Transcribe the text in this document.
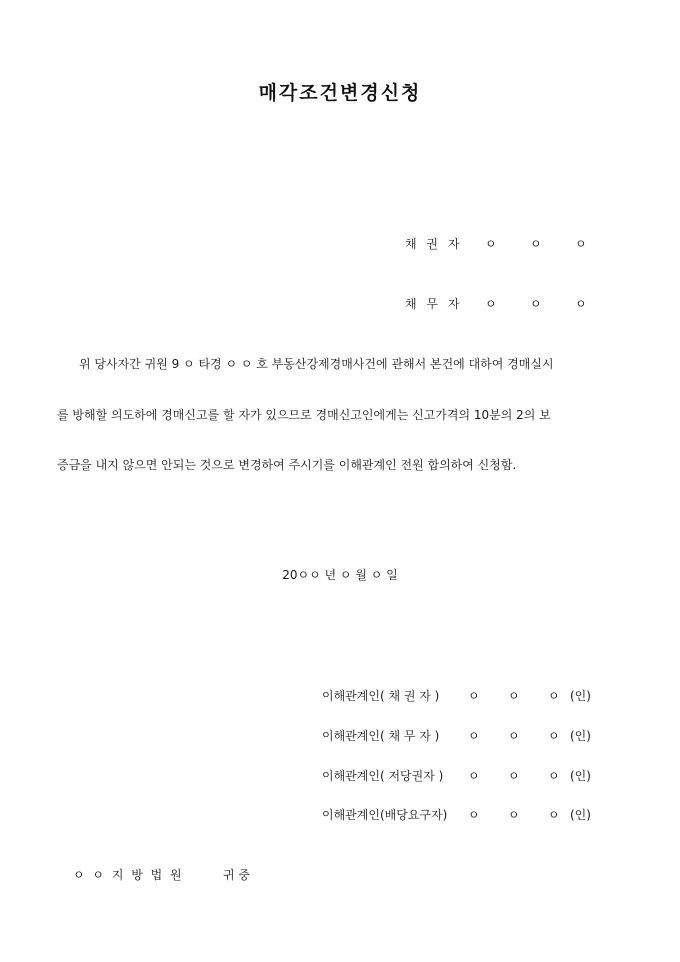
매각조건변경신청
채 권 자 ㅇ	ㅇ	ㅇ
채 무 자 ㅇ	ㅇ	ㅇ
위 당사자간 귀원 9 ㅇ 타경 ㅇ ㅇ 호 부동산강제경매사건에 관해서 본건에 대하여 경매실시
를 방해할 의도하에 경매신고를 할 자가 있으므로 경매신고인에게는 신고가격의 10분의 2의 보
증금을 내지 않으면 안되는 것으로 변경하여 주시기를 이해관계인 전원 합의하여 신청함.
20ㅇㅇ 년 ㅇ 월 ㅇ 일
이해관계인( 채 권 자 ) ㅇ ㅇ ㅇ (인)
이해관계인( 채 무 자 ) ㅇ ㅇ ㅇ (인)
이해관계인( 저당권자 ) ㅇ ㅇ ㅇ (인)
이해관계인(배당요구자) ㅇ ㅇ ㅇ (인)
ㅇ ㅇ 지 방 법 원	귀 중
